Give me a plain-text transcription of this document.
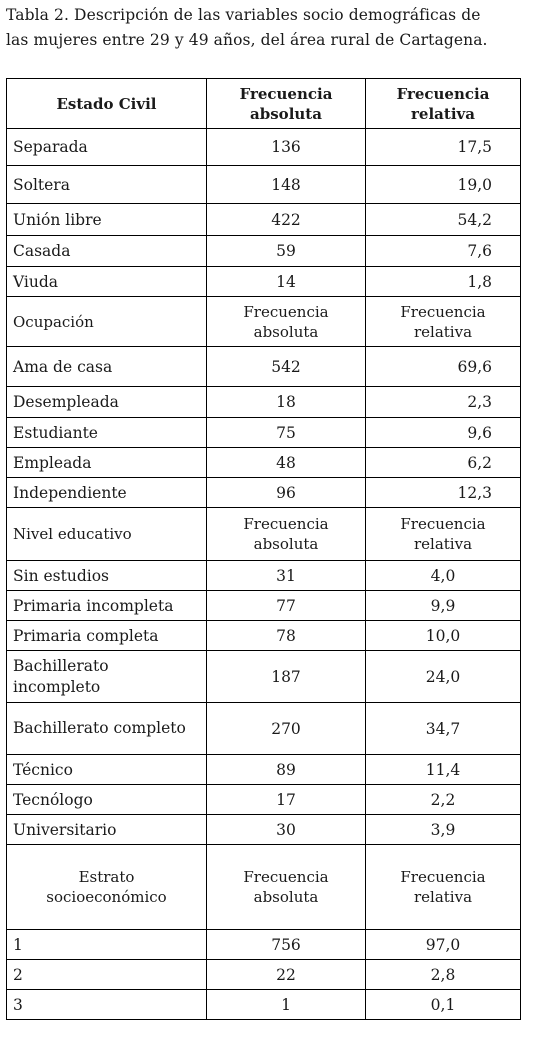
Tabla 2. Descripción de las variables socio demográficas de
las mujeres entre 29 y 49 años, del área rural de Cartagena.
Estado Civil	Frecuencia absoluta	Frecuencia relativa
Separada	136	17,5
Soltera	148	19,0
Unión libre	422	54,2
Casada	59	7,6
Viuda	14	1,8
Ocupación	Frecuencia absoluta	Frecuencia relativa
Ama de casa	542	69,6
Desempleada	18	2,3
Estudiante	75	9,6
Empleada	48	6,2
Independiente	96	12,3
Nivel educativo	Frecuencia absoluta	Frecuencia relativa
Sin estudios	31	4,0
Primaria incompleta	77	9,9
Primaria completa	78	10,0
Bachillerato incompleto	187	24,0
Bachillerato completo	270	34,7
Técnico	89	11,4
Tecnólogo	17	2,2
Universitario	30	3,9
Estrato socioeconómico	Frecuencia absoluta	Frecuencia relativa
1	756	97,0
2	22	2,8
3	1	0,1
